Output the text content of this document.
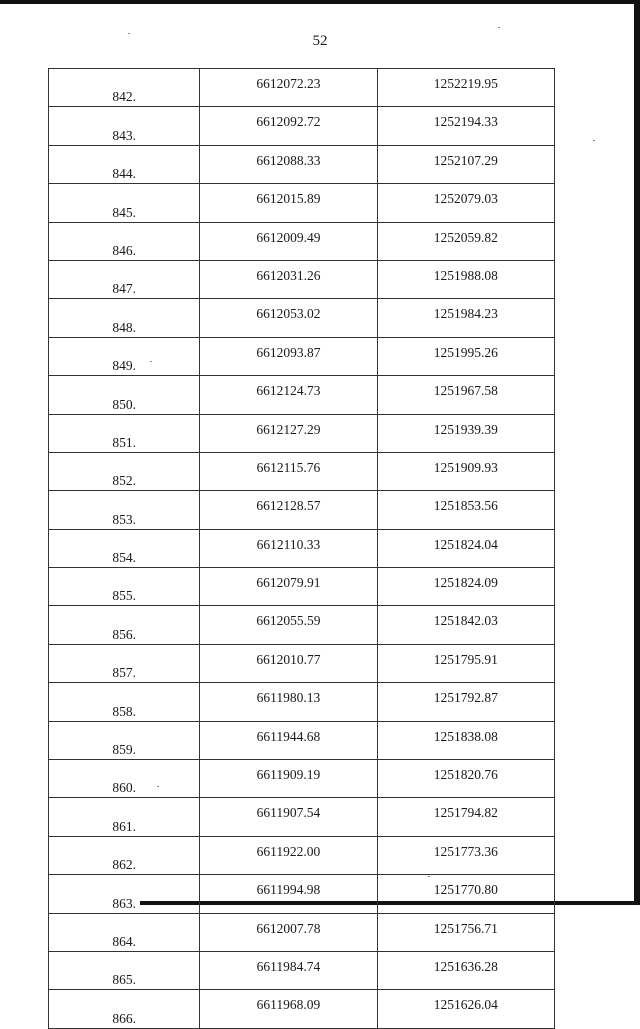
52
842.	6612072.23	1252219.95
843.	6612092.72	1252194.33
844.	6612088.33	1252107.29
845.	6612015.89	1252079.03
846.	6612009.49	1252059.82
847.	6612031.26	1251988.08
848.	6612053.02	1251984.23
849.	6612093.87	1251995.26
850.	6612124.73	1251967.58
851.	6612127.29	1251939.39
852.	6612115.76	1251909.93
853.	6612128.57	1251853.56
854.	6612110.33	1251824.04
855.	6612079.91	1251824.09
856.	6612055.59	1251842.03
857.	6612010.77	1251795.91
858.	6611980.13	1251792.87
859.	6611944.68	1251838.08
860.	6611909.19	1251820.76
861.	6611907.54	1251794.82
862.	6611922.00	1251773.36
863.	6611994.98	1251770.80
864.	6612007.78	1251756.71
865.	6611984.74	1251636.28
866.	6611968.09	1251626.04
